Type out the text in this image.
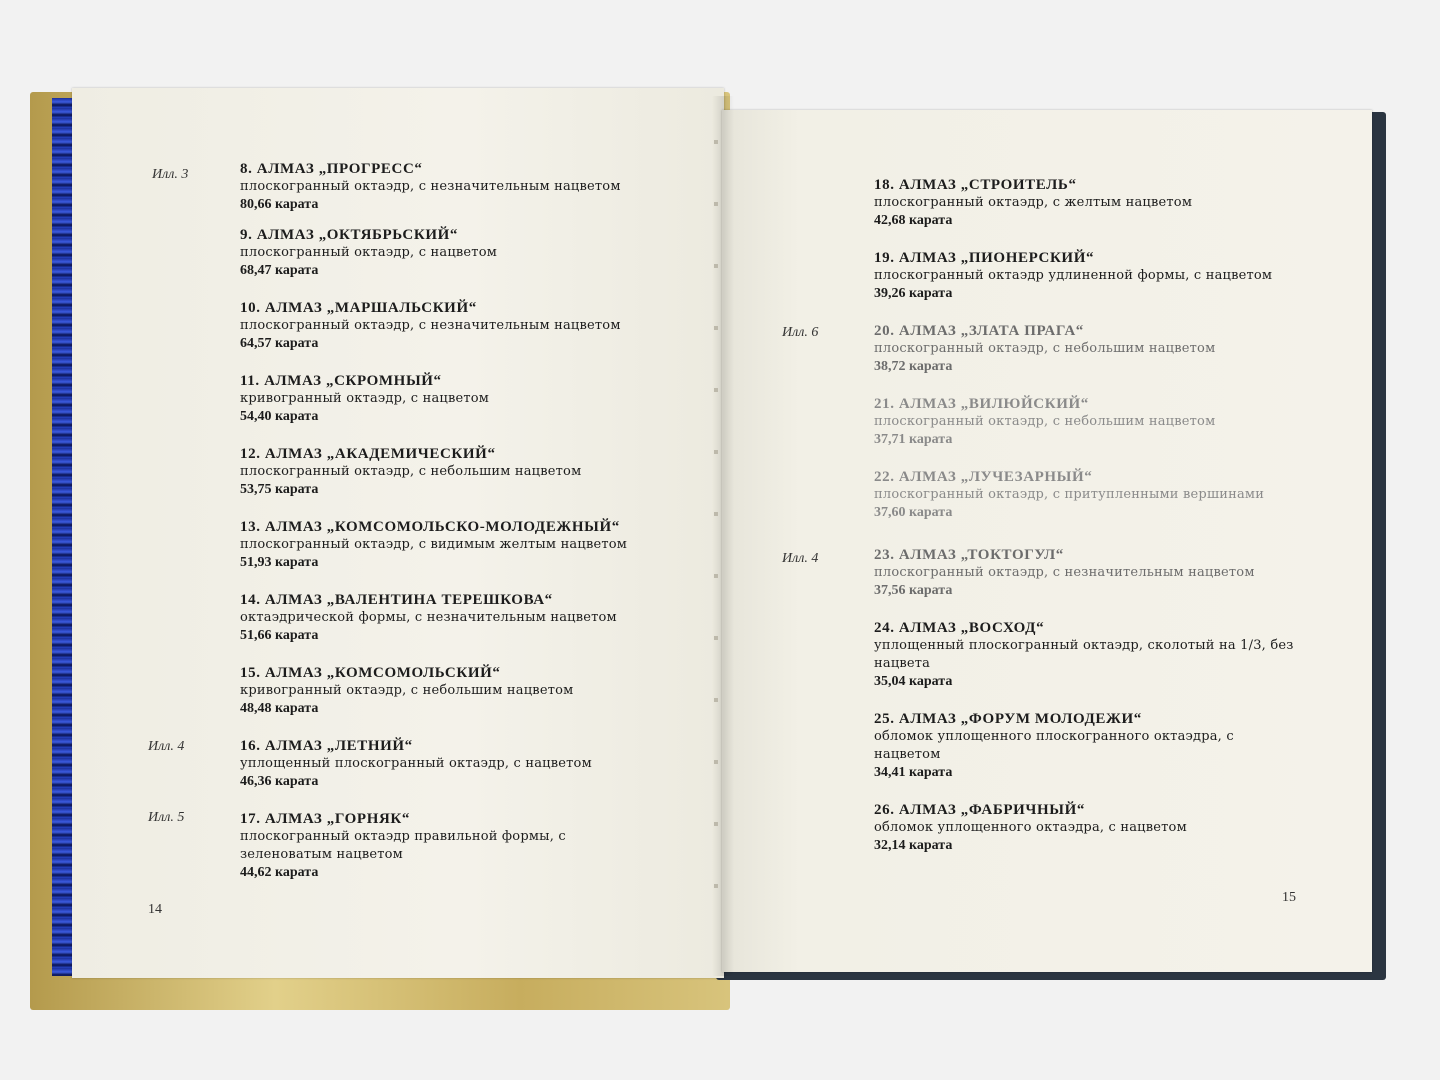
Илл. 3
Илл. 4
Илл. 5
8. АЛМАЗ „ПРОГРЕСС“
плоскогранный октаэдр, с незначительным нацветом
80,66 карата
9. АЛМАЗ „ОКТЯБРЬСКИЙ“
плоскогранный октаэдр, с нацветом
68,47 карата
10. АЛМАЗ „МАРШАЛЬСКИЙ“
плоскогранный октаэдр, с незначительным нацветом
64,57 карата
11. АЛМАЗ „СКРОМНЫЙ“
кривогранный октаэдр, с нацветом
54,40 карата
12. АЛМАЗ „АКАДЕМИЧЕСКИЙ“
плоскогранный октаэдр, с небольшим нацветом
53,75 карата
13. АЛМАЗ „КОМСОМОЛЬСКО-МОЛОДЕЖНЫЙ“
плоскогранный октаэдр, с видимым желтым нацветом
51,93 карата
14. АЛМАЗ „ВАЛЕНТИНА ТЕРЕШКОВА“
октаэдрической формы, с незначительным нацветом
51,66 карата
15. АЛМАЗ „КОМСОМОЛЬСКИЙ“
кривогранный октаэдр, с небольшим нацветом
48,48 карата
16. АЛМАЗ „ЛЕТНИЙ“
уплощенный плоскогранный октаэдр, с нацветом
46,36 карата
17. АЛМАЗ „ГОРНЯК“
плоскогранный октаэдр правильной формы, с зеленоватым нацветом
44,62 карата
14
Илл. 6
Илл. 4
18. АЛМАЗ „СТРОИТЕЛЬ“
плоскогранный октаэдр, с желтым нацветом
42,68 карата
19. АЛМАЗ „ПИОНЕРСКИЙ“
плоскогранный октаэдр удлиненной формы, с нацветом
39,26 карата
20. АЛМАЗ „ЗЛАТА ПРАГА“
плоскогранный октаэдр, с небольшим нацветом
38,72 карата
21. АЛМАЗ „ВИЛЮЙСКИЙ“
плоскогранный октаэдр, с небольшим нацветом
37,71 карата
22. АЛМАЗ „ЛУЧЕЗАРНЫЙ“
плоскогранный октаэдр, с притупленными вершинами
37,60 карата
23. АЛМАЗ „ТОКТОГУЛ“
плоскогранный октаэдр, с незначительным нацветом
37,56 карата
24. АЛМАЗ „ВОСХОД“
уплощенный плоскогранный октаэдр, сколотый на 1/3, без нацвета
35,04 карата
25. АЛМАЗ „ФОРУМ МОЛОДЕЖИ“
обломок уплощенного плоскогранного октаэдра, с нацветом
34,41 карата
26. АЛМАЗ „ФАБРИЧНЫЙ“
обломок уплощенного октаэдра, с нацветом
32,14 карата
15
